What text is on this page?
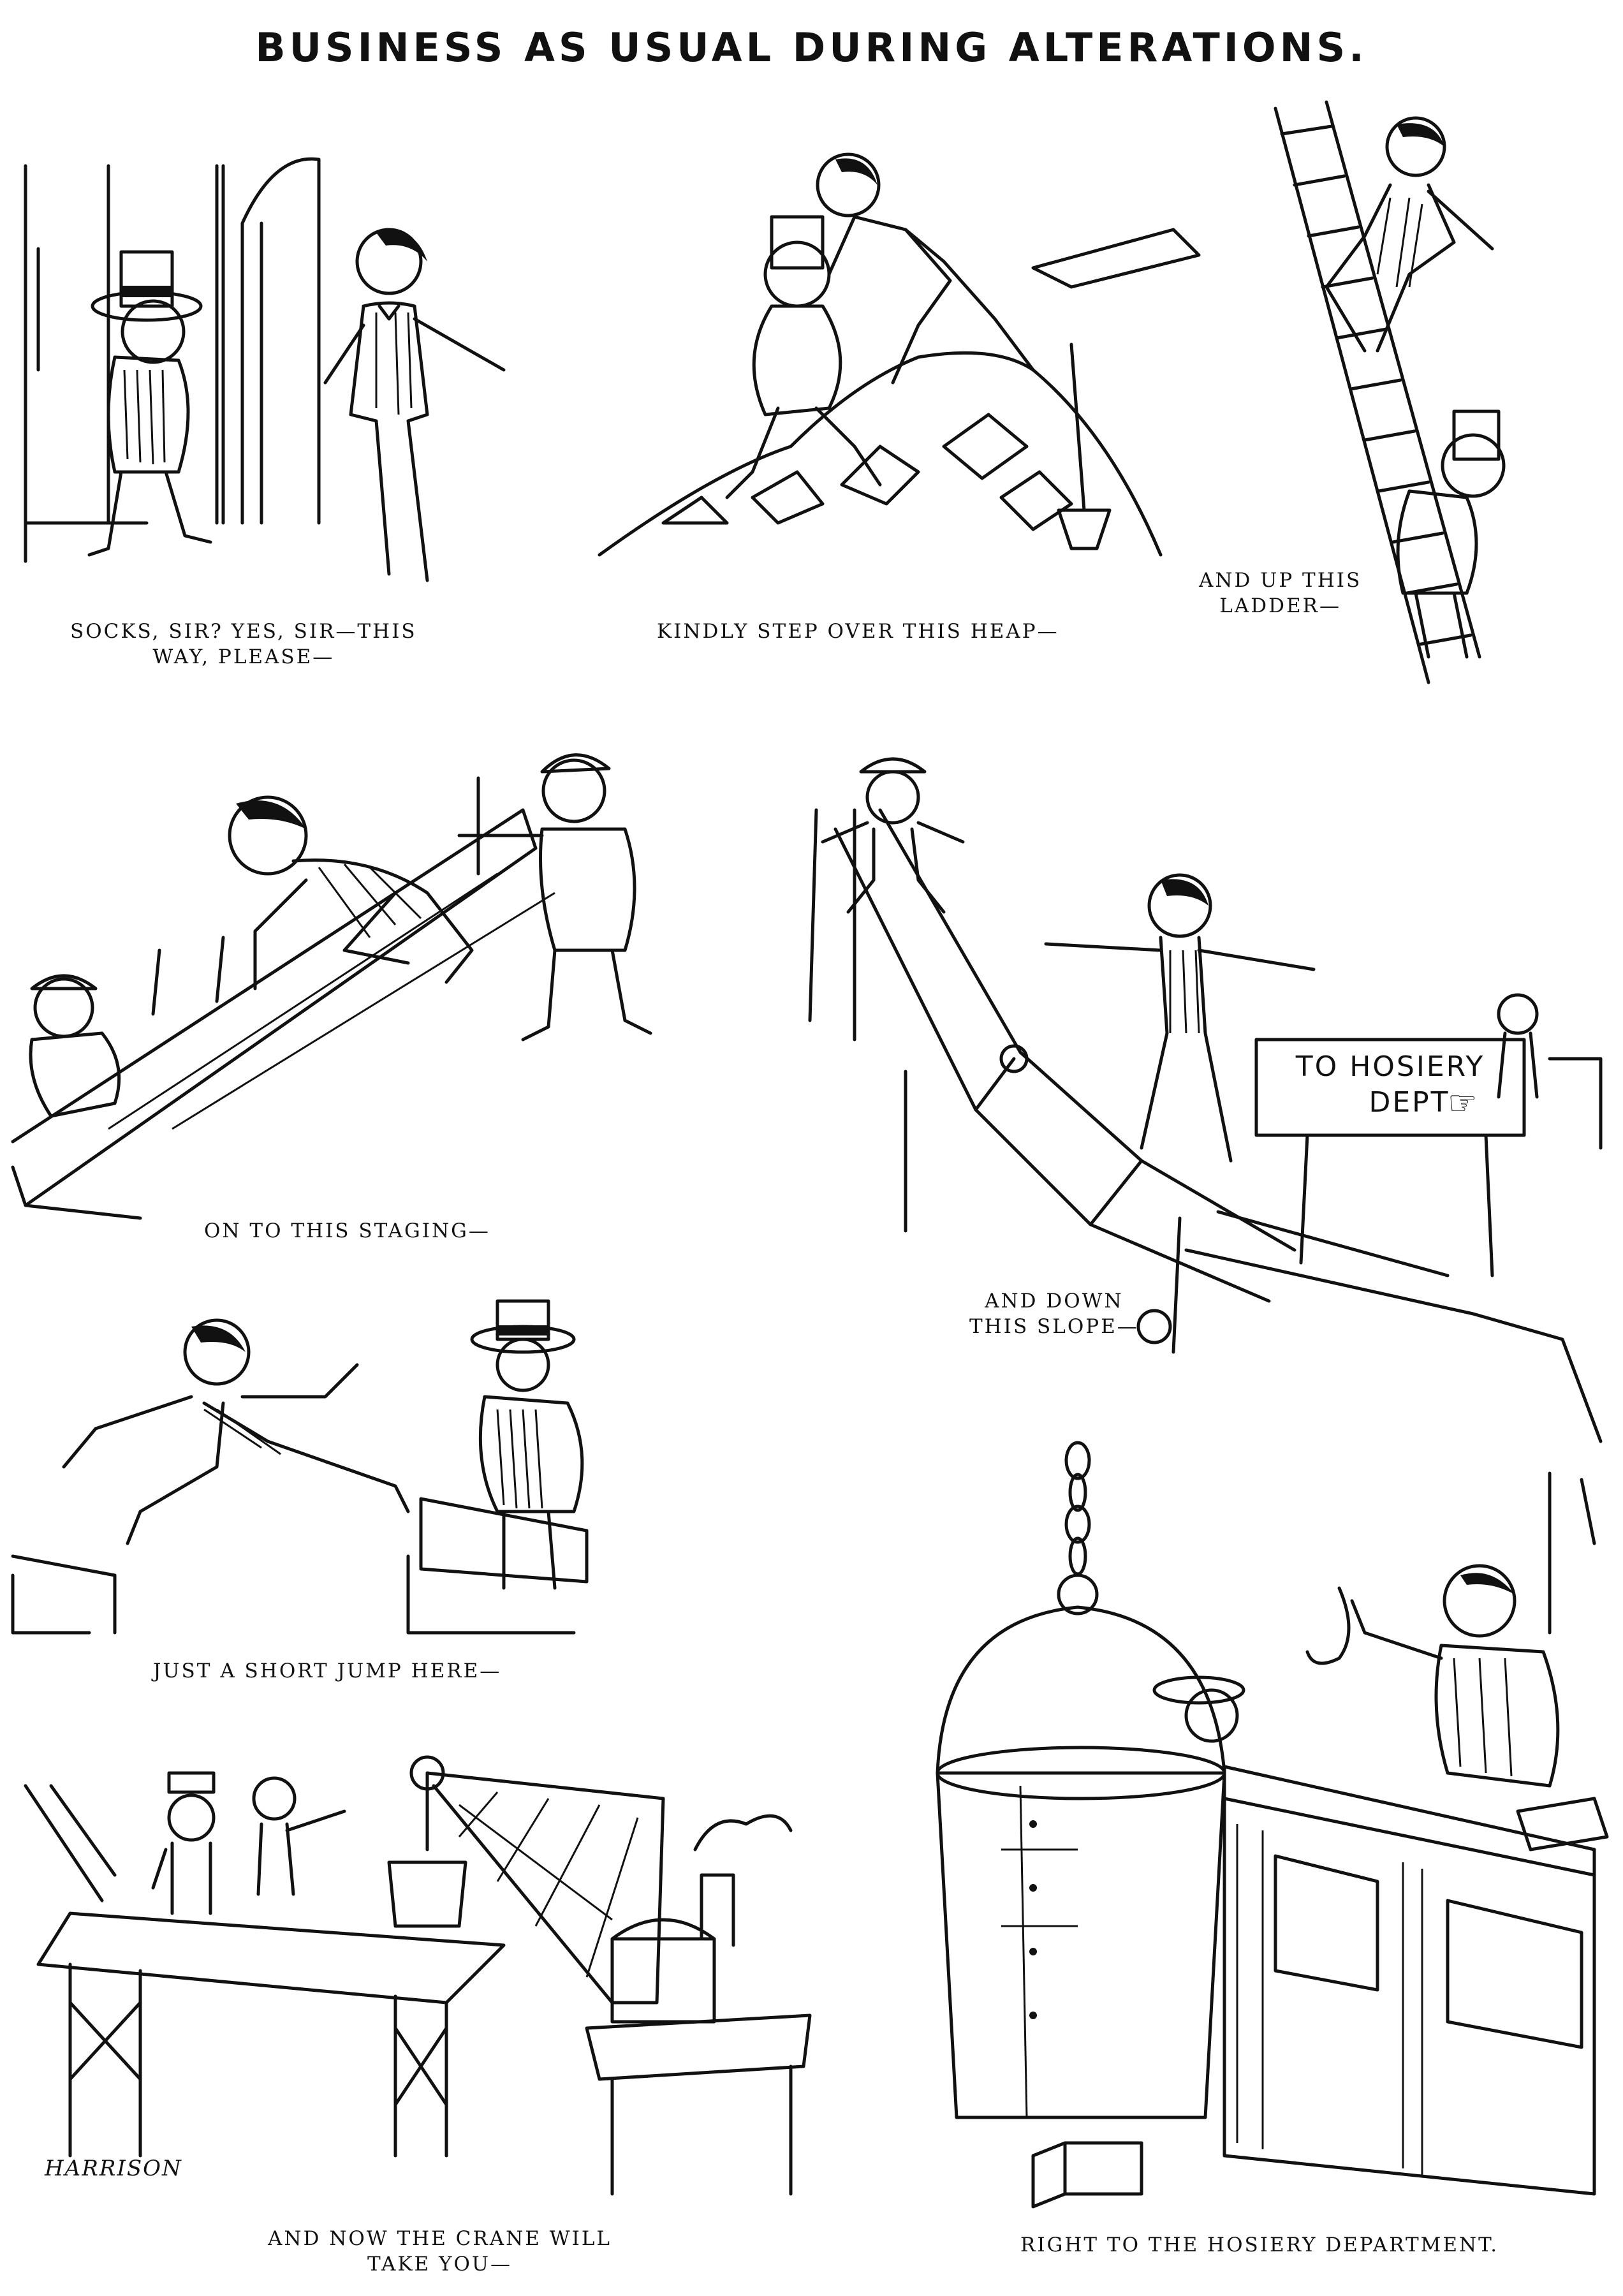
BUSINESS AS USUAL DURING ALTERATIONS.
SOCKS, SIR? YES, SIR—THIS
WAY, PLEASE—
KINDLY STEP OVER THIS HEAP—
AND UP THIS
LADDER—
ON TO THIS STAGING—
TO HOSIERY
DEPT
☞
AND DOWN
THIS SLOPE—
JUST A SHORT JUMP HERE—
HARRISON
AND NOW THE CRANE WILL
TAKE YOU—
RIGHT TO THE HOSIERY DEPARTMENT.
